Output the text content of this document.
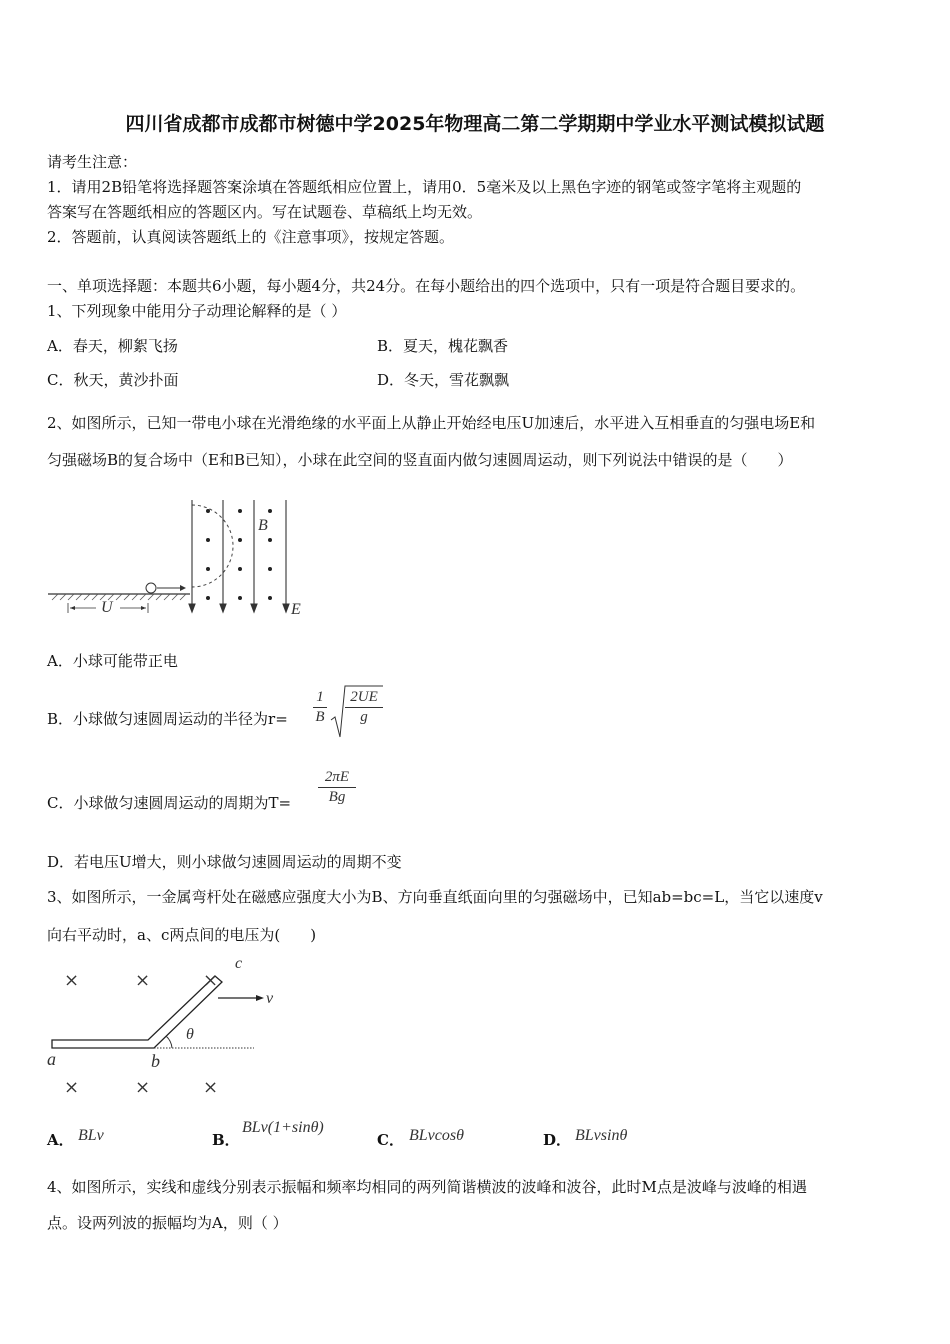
四川省成都市成都市树德中学2025年物理高二第二学期期中学业水平测试模拟试题
请考生注意：
1．请用2B铅笔将选择题答案涂填在答题纸相应位置上，请用0．5毫米及以上黑色字迹的钢笔或签字笔将主观题的
答案写在答题纸相应的答题区内。写在试题卷、草稿纸上均无效。
2．答题前，认真阅读答题纸上的《注意事项》，按规定答题。
一、单项选择题：本题共6小题，每小题4分，共24分。在每小题给出的四个选项中，只有一项是符合题目要求的。
1、下列现象中能用分子动理论解释的是（ ）
A．春天，柳絮飞扬	B．夏天，槐花飘香
C．秋天，黄沙扑面	D．冬天，雪花飘飘
2、如图所示，已知一带电小球在光滑绝缘的水平面上从静止开始经电压U加速后，水平进入互相垂直的匀强电场E和
匀强磁场B的复合场中（E和B已知），小球在此空间的竖直面内做匀速圆周运动，则下列说法中错误的是（　　）
U
B
E
A．小球可能带正电
B．小球做匀速圆周运动的半径为r=
1
B
2UE
g
C．小球做匀速圆周运动的周期为T=
2πE
Bg
D．若电压U增大，则小球做匀速圆周运动的周期不变
3、如图所示，一金属弯杆处在磁感应强度大小为B、方向垂直纸面向里的匀强磁场中，已知ab=bc=L，当它以速度v
向右平动时，a、c两点间的电压为(　　)
×	×	×
×	×	×
c
v
θ
a	b
A． BLv	B．
BLv(1+sinθ)
C． BLvcosθ	D． BLvsinθ
4、如图所示，实线和虚线分别表示振幅和频率均相同的两列简谐横波的波峰和波谷，此时M点是波峰与波峰的相遇
点。设两列波的振幅均为A，则（ ）
